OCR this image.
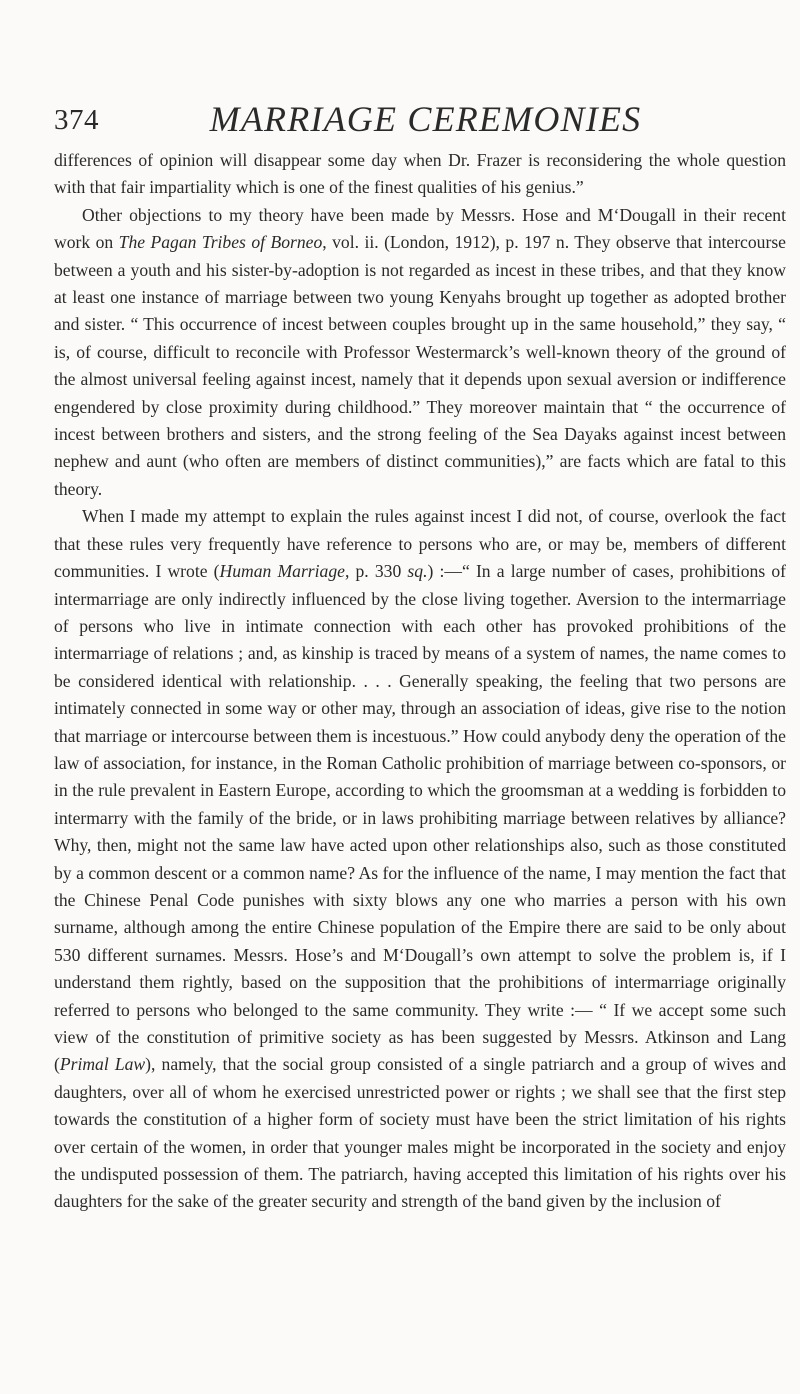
374	MARRIAGE CEREMONIES

differences of opinion will disappear some day when Dr. Frazer is reconsidering the whole question with that fair impartiality which is one of the finest qualities of his genius.”

Other objections to my theory have been made by Messrs. Hose and M‘Dougall in their recent work on The Pagan Tribes of Borneo, vol. ii. (London, 1912), p. 197 n. They observe that intercourse between a youth and his sister-by-adoption is not regarded as incest in these tribes, and that they know at least one instance of marriage between two young Kenyahs brought up together as adopted brother and sister. “ This occurrence of incest between couples brought up in the same household,” they say, “ is, of course, difficult to reconcile with Professor Westermarck’s well-known theory of the ground of the almost universal feeling against incest, namely that it depends upon sexual aversion or indifference engendered by close proximity during childhood.” They moreover maintain that “ the occurrence of incest between brothers and sisters, and the strong feeling of the Sea Dayaks against incest between nephew and aunt (who often are members of distinct communities),” are facts which are fatal to this theory.

When I made my attempt to explain the rules against incest I did not, of course, overlook the fact that these rules very frequently have reference to persons who are, or may be, members of different communities. I wrote (Human Marriage, p. 330 sq.) :—“ In a large number of cases, prohibitions of intermarriage are only indirectly influenced by the close living together. Aversion to the intermarriage of persons who live in intimate connection with each other has provoked prohibitions of the intermarriage of relations ; and, as kinship is traced by means of a system of names, the name comes to be considered identical with relationship. . . . Generally speaking, the feeling that two persons are intimately connected in some way or other may, through an association of ideas, give rise to the notion that marriage or intercourse between them is incestuous.” How could anybody deny the operation of the law of association, for instance, in the Roman Catholic prohibition of marriage between co-sponsors, or in the rule prevalent in Eastern Europe, according to which the groomsman at a wedding is forbidden to intermarry with the family of the bride, or in laws prohibiting marriage between relatives by alliance? Why, then, might not the same law have acted upon other relationships also, such as those constituted by a common descent or a common name? As for the influence of the name, I may mention the fact that the Chinese Penal Code punishes with sixty blows any one who marries a person with his own surname, although among the entire Chinese population of the Empire there are said to be only about 530 different surnames. Messrs. Hose’s and M‘Dougall’s own attempt to solve the problem is, if I understand them rightly, based on the supposition that the prohibitions of intermarriage originally referred to persons who belonged to the same community. They write :— “ If we accept some such view of the constitution of primitive society as has been suggested by Messrs. Atkinson and Lang (Primal Law), namely, that the social group consisted of a single patriarch and a group of wives and daughters, over all of whom he exercised unrestricted power or rights ; we shall see that the first step towards the constitution of a higher form of society must have been the strict limitation of his rights over certain of the women, in order that younger males might be incorporated in the society and enjoy the undisputed possession of them. The patriarch, having accepted this limitation of his rights over his daughters for the sake of the greater security and strength of the band given by the inclusion of
